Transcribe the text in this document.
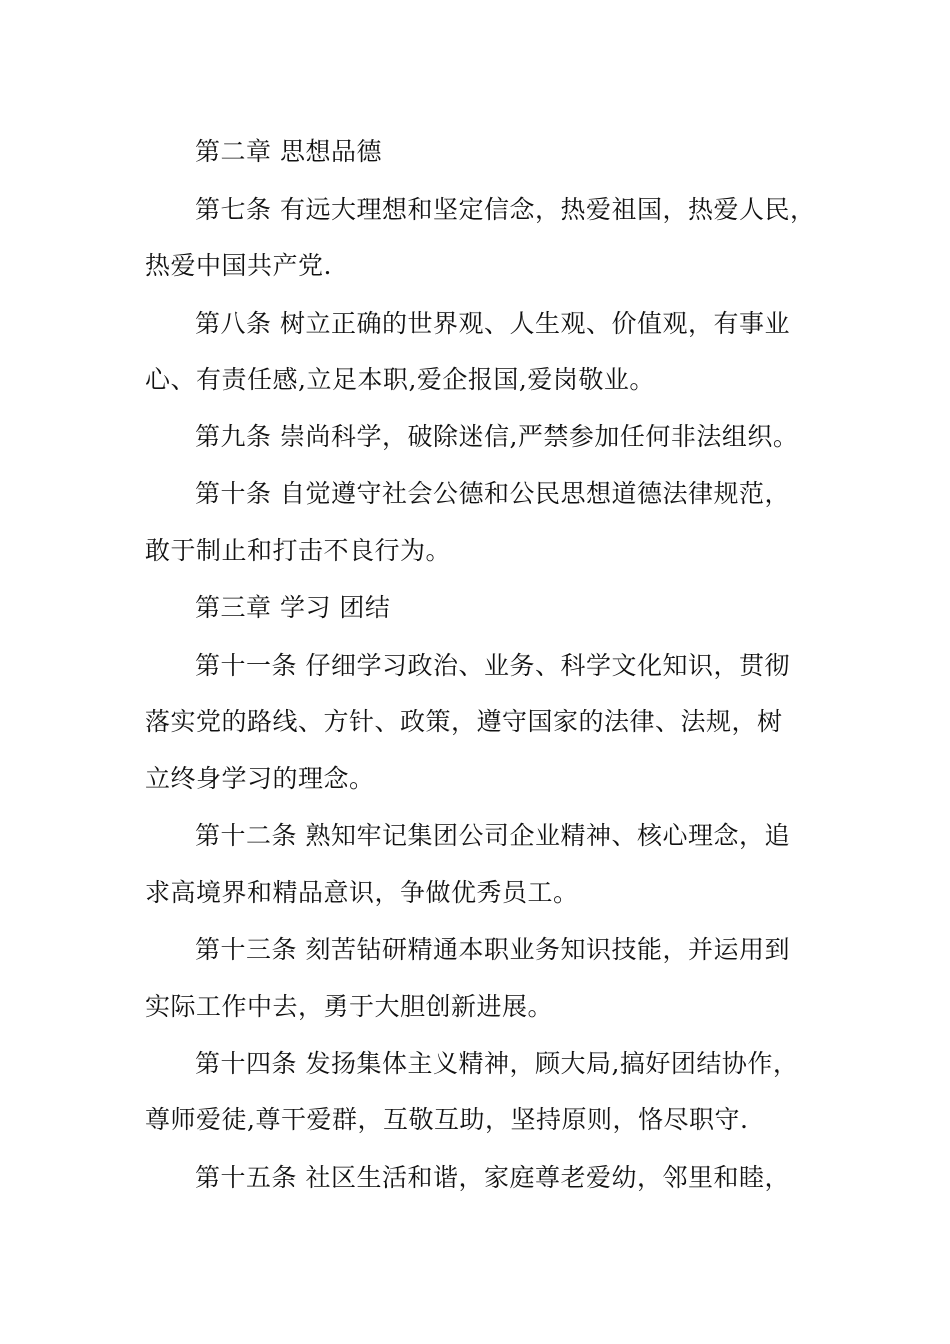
第二章 思想品德
第七条 有远大理想和坚定信念，热爱祖国，热爱人民，
热爱中国共产党.
第八条 树立正确的世界观、人生观、价值观，有事业
心、有责任感,立足本职,爱企报国,爱岗敬业。
第九条 崇尚科学，破除迷信,严禁参加任何非法组织。
第十条 自觉遵守社会公德和公民思想道德法律规范，
敢于制止和打击不良行为。
第三章 学习 团结
第十一条 仔细学习政治、业务、科学文化知识，贯彻
落实党的路线、方针、政策，遵守国家的法律、法规，树
立终身学习的理念。
第十二条 熟知牢记集团公司企业精神、核心理念，追
求高境界和精品意识，争做优秀员工。
第十三条 刻苦钻研精通本职业务知识技能，并运用到
实际工作中去，勇于大胆创新进展。
第十四条 发扬集体主义精神，顾大局,搞好团结协作，
尊师爱徒,尊干爱群，互敬互助，坚持原则，恪尽职守.
第十五条 社区生活和谐，家庭尊老爱幼，邻里和睦，
